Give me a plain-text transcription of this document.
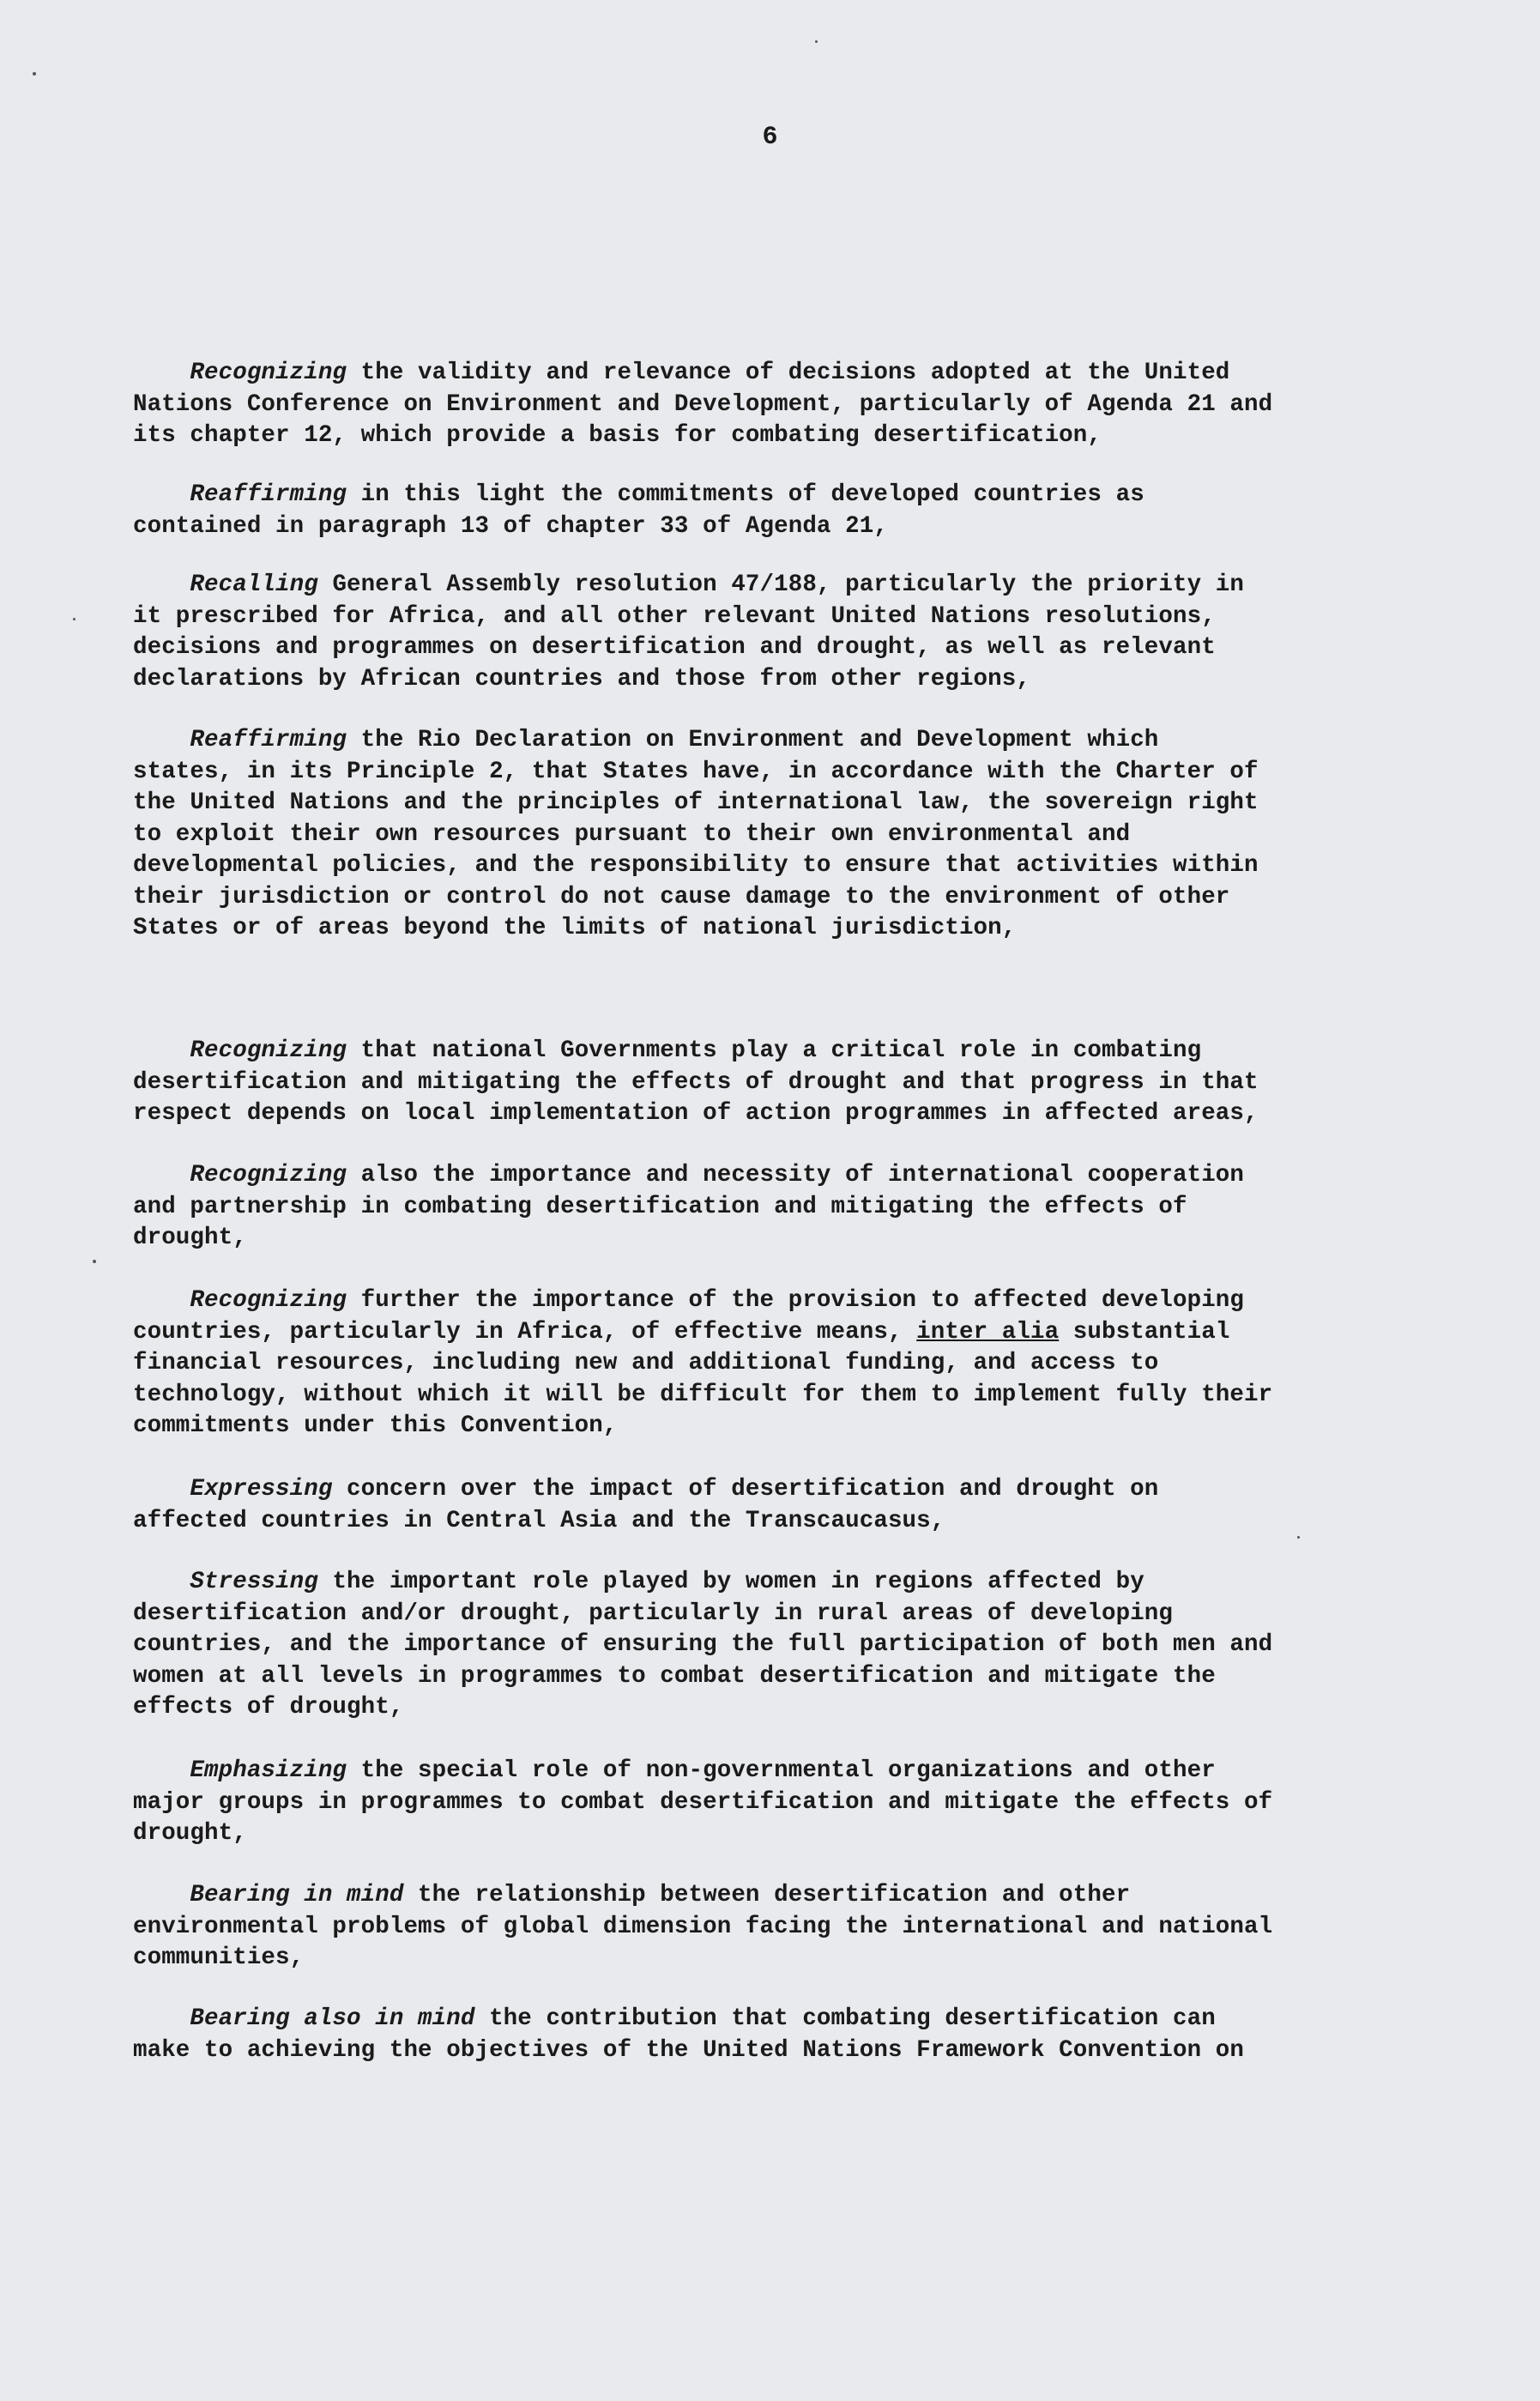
6

Recognizing the validity and relevance of decisions adopted at the United
Nations Conference on Environment and Development, particularly of Agenda 21 and
its chapter 12, which provide a basis for combating desertification,

Reaffirming in this light the commitments of developed countries as
contained in paragraph 13 of chapter 33 of Agenda 21,

Recalling General Assembly resolution 47/188, particularly the priority in
it prescribed for Africa, and all other relevant United Nations resolutions,
decisions and programmes on desertification and drought, as well as relevant
declarations by African countries and those from other regions,

Reaffirming the Rio Declaration on Environment and Development which
states, in its Principle 2, that States have, in accordance with the Charter of
the United Nations and the principles of international law, the sovereign right
to exploit their own resources pursuant to their own environmental and
developmental policies, and the responsibility to ensure that activities within
their jurisdiction or control do not cause damage to the environment of other
States or of areas beyond the limits of national jurisdiction,

Recognizing that national Governments play a critical role in combating
desertification and mitigating the effects of drought and that progress in that
respect depends on local implementation of action programmes in affected areas,

Recognizing also the importance and necessity of international cooperation
and partnership in combating desertification and mitigating the effects of
drought,

Recognizing further the importance of the provision to affected developing
countries, particularly in Africa, of effective means, inter alia substantial
financial resources, including new and additional funding, and access to
technology, without which it will be difficult for them to implement fully their
commitments under this Convention,

Expressing concern over the impact of desertification and drought on
affected countries in Central Asia and the Transcaucasus,

Stressing the important role played by women in regions affected by
desertification and/or drought, particularly in rural areas of developing
countries, and the importance of ensuring the full participation of both men and
women at all levels in programmes to combat desertification and mitigate the
effects of drought,

Emphasizing the special role of non-governmental organizations and other
major groups in programmes to combat desertification and mitigate the effects of
drought,

Bearing in mind the relationship between desertification and other
environmental problems of global dimension facing the international and national
communities,

Bearing also in mind the contribution that combating desertification can
make to achieving the objectives of the United Nations Framework Convention on
